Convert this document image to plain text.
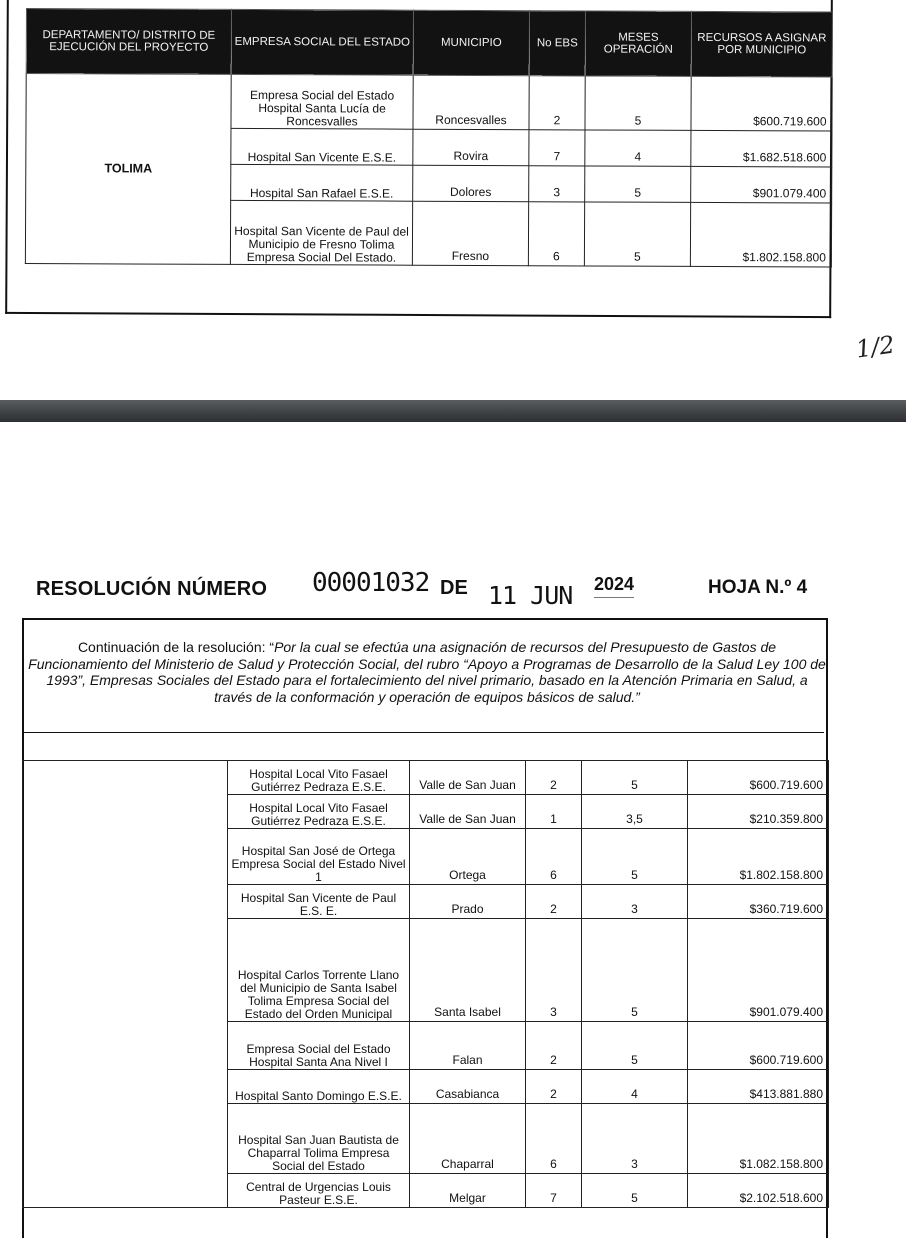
DEPARTAMENTO/ DISTRITO DE EJECUCIÓN DEL PROYECTO	EMPRESA SOCIAL DEL ESTADO	MUNICIPIO	No EBS	MESES OPERACIÓN	RECURSOS A ASIGNAR POR MUNICIPIO
TOLIMA	Empresa Social del Estado Hospital Santa Lucía de Roncesvalles	Roncesvalles	2	5	$600.719.600
	Hospital San Vicente E.S.E.	Rovira	7	4	$1.682.518.600
	Hospital San Rafael E.S.E.	Dolores	3	5	$901.079.400
	Hospital San Vicente de Paul del Municipio de Fresno Tolima Empresa Social Del Estado.	Fresno	6	5	$1.802.158.800
1/2
RESOLUCIÓN NÚMERO 00001032 DE 11 JUN 2024	HOJA N.º 4
Continuación de la resolución: “Por la cual se efectúa una asignación de recursos del Presupuesto de Gastos de Funcionamiento del Ministerio de Salud y Protección Social, del rubro “Apoyo a Programas de Desarrollo de la Salud Ley 100 de 1993”, Empresas Sociales del Estado para el fortalecimiento del nivel primario, basado en la Atención Primaria en Salud, a través de la conformación y operación de equipos básicos de salud.”
	Hospital Local Vito Fasael Gutiérrez Pedraza E.S.E.	Valle de San Juan	2	5	$600.719.600
	Hospital Local Vito Fasael Gutiérrez Pedraza E.S.E.	Valle de San Juan	1	3,5	$210.359.800
	Hospital San José de Ortega Empresa Social del Estado Nivel 1	Ortega	6	5	$1.802.158.800
	Hospital San Vicente de Paul E.S. E.	Prado	2	3	$360.719.600
	Hospital Carlos Torrente Llano del Municipio de Santa Isabel Tolima Empresa Social del Estado del Orden Municipal	Santa Isabel	3	5	$901.079.400
	Empresa Social del Estado Hospital Santa Ana Nivel I	Falan	2	5	$600.719.600
	Hospital Santo Domingo E.S.E.	Casabianca	2	4	$413.881.880
	Hospital San Juan Bautista de Chaparral Tolima Empresa Social del Estado	Chaparral	6	3	$1.082.158.800
	Central de Urgencias Louis Pasteur E.S.E.	Melgar	7	5	$2.102.518.600
